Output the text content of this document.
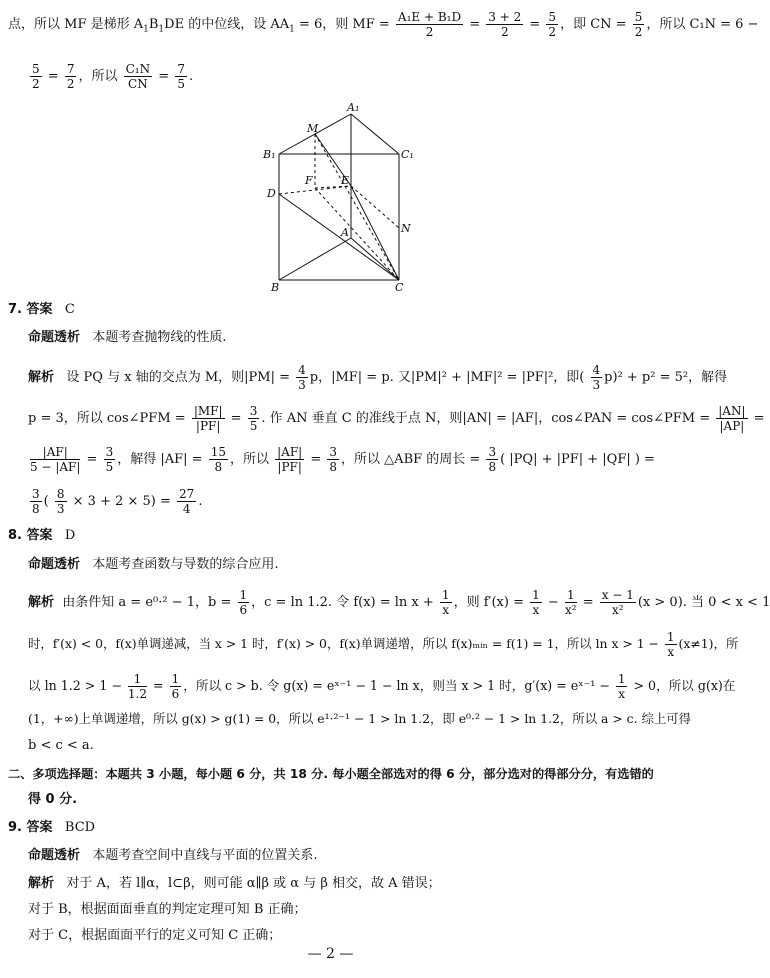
点，所以 MF 是梯形 $A_1B_1DE$ 的中位线，设 $AA_1 = 6$，则 MF = $\frac{\text{A₁E + B₁D}}{2} = \frac{3 + 2}{2} = \frac{5}{2}$ ，即 CN = $\frac{5}{2}$ ，所以 C₁N = 6 −
$\frac{5}{2} = \frac{7}{2}$ ，所以 $\frac{\text{C₁N}}{CN} = \frac{7}{5}$ .
A₁
M
B₁	C₁
F	E
D
A	N
B	C
7. 答案 C
命题透析 本题考查抛物线的性质.
解析 设 PQ 与 x 轴的交点为 M，则$|PM| = \frac{4}{3}$ p，|MF| = p. 又|PM|² + |MF|² = |PF|²，即( $\frac{4}{3} p)^2 + p^2 = 5^2$，解得
p = 3，所以 cos∠PFM = $\frac{|MF|}{|PF|} = \frac{3}{5}$ . 作 AN 垂直 C 的准线于点 N，则|AN| = |AF|，cos∠PAN = cos∠PFM = $\frac{|AN|}{|AP|}$ =
$\frac{|AF|}{5 - |AF|} = \frac{3}{5}$ ，解得 $|AF| = \frac{15}{8}$ ，所以 $\frac{|AF|}{|PF|} = \frac{3}{8}$ ，所以 △ABF 的周长 = $\frac{3}{8}$ ( |PQ| + |PF| + |QF| ) =
$\frac{3}{8}$ ( $\frac{8}{3} \times 3 + 2 \times 5) = \frac{27}{4}$ .
8. 答案 D
命题透析 本题考查函数与导数的综合应用.
解析 由条件知 a = e⁰·² − 1，$b = \frac{1}{6}$ ，c = ln 1.2. 令 $f(x) = \ln x + \frac{1}{x}$ ，则 $f'(x) = \frac{1}{x} - \frac{1}{\text{x²}} = \frac{x - 1}{\text{x²}} (x > 0)$. 当 0 < x < 1
时，f′(x) < 0，f(x)单调递减，当 x > 1 时，f′(x) > 0，f(x)单调递增，所以 f(x)ₘᵢₙ = f(1) = 1，所以 $\ln x > 1 - \frac{1}{x} (x\ne 1)$，所
以 $\ln 1.2 > 1 - \frac{1}{1.2} = \frac{1}{6}$ ，所以 c > b. 令 g(x) = eˣ⁻¹ − 1 − ln x，则当 x > 1 时，g′(x) = eˣ⁻¹ − $\frac{1}{x} > 0$，所以 g(x)在
(1，+∞)上单调递增，所以 g(x) > g(1) = 0，所以 e¹·²⁻¹ − 1 > ln 1.2，即 e⁰·² − 1 > ln 1.2，所以 a > c. 综上可得
b < c < a.
二、多项选择题：本题共 3 小题，每小题 6 分，共 18 分. 每小题全部选对的得 6 分，部分选对的得部分分，有选错的
得 0 分.
9. 答案 BCD
命题透析 本题考查空间中直线与平面的位置关系.
解析 对于 A，若 l∥α，l⊂β，则可能 α∥β 或 α 与 β 相交，故 A 错误；
对于 B，根据面面垂直的判定定理可知 B 正确；
对于 C，根据面面平行的定义可知 C 正确；
— 2 —
